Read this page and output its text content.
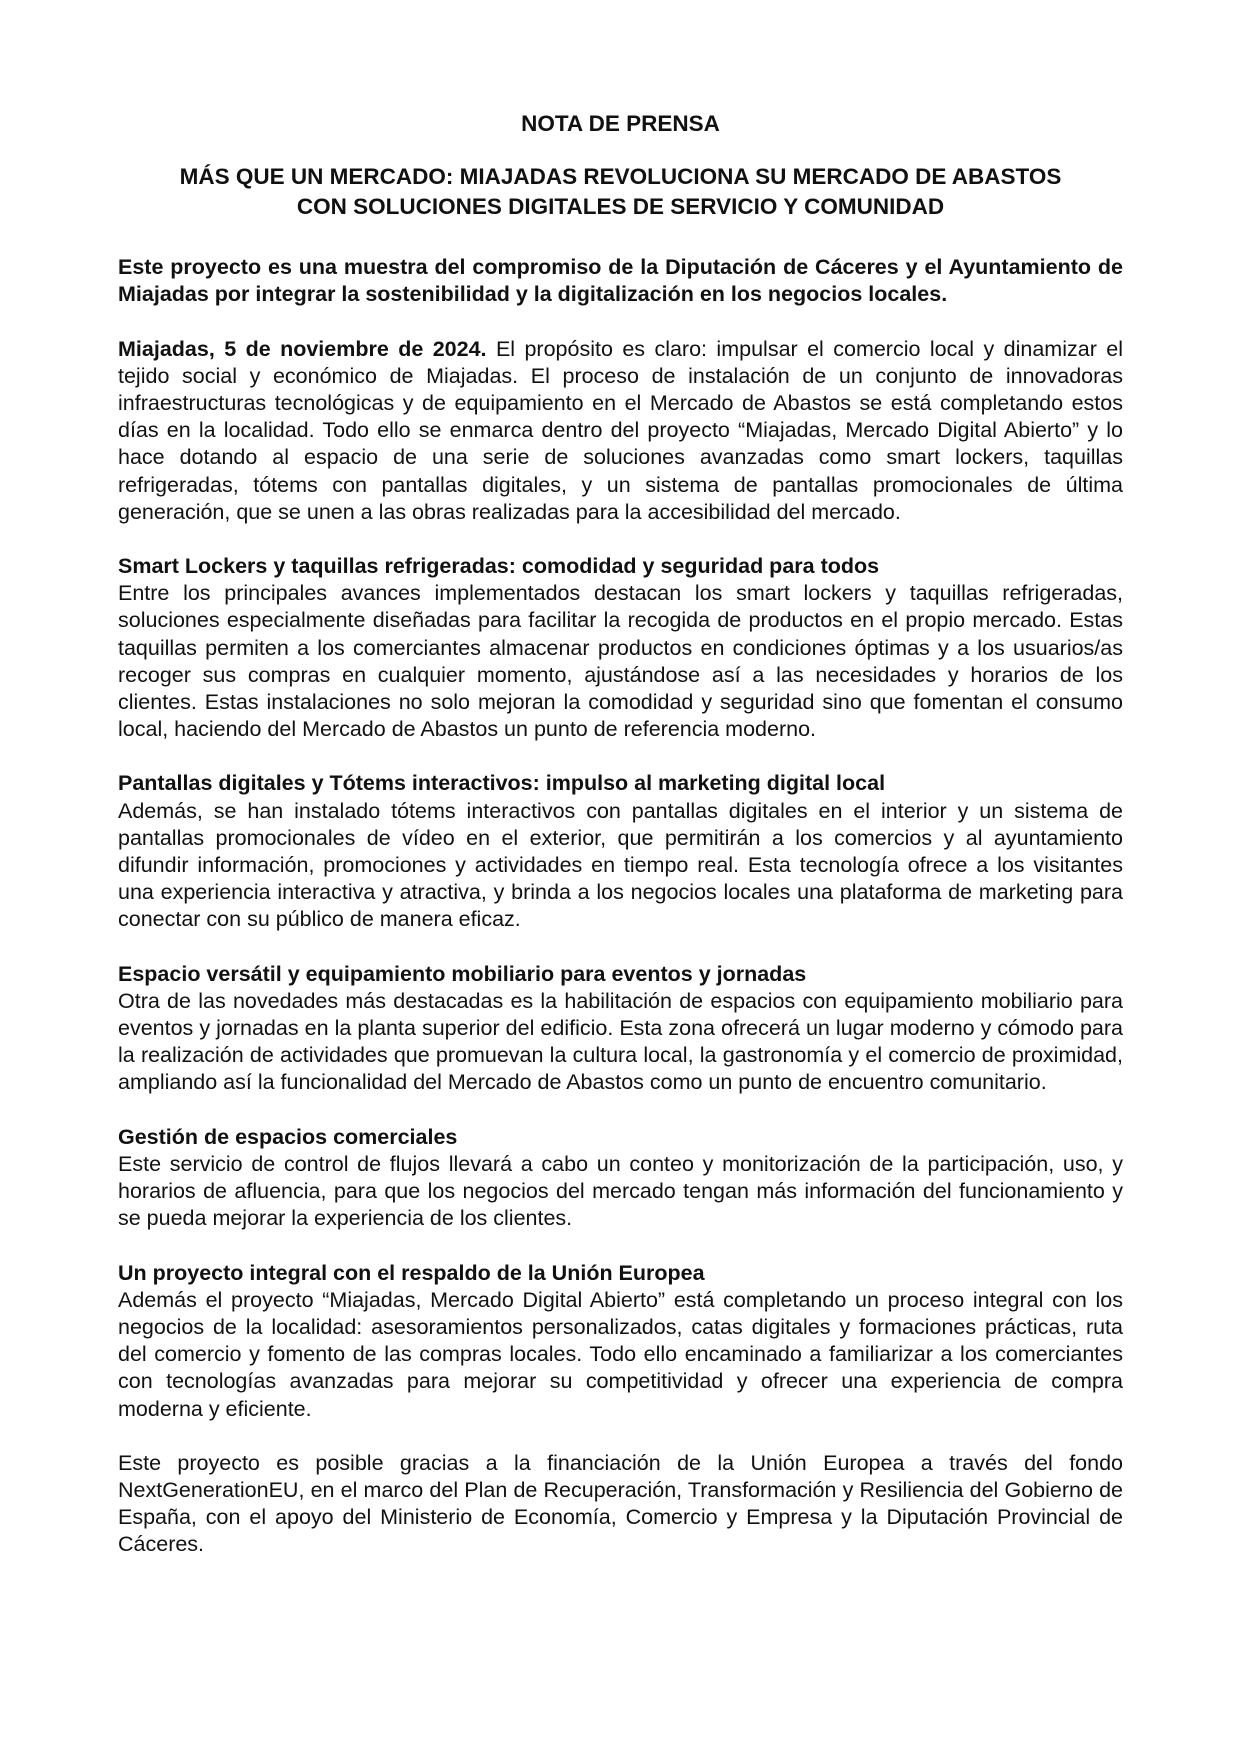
NOTA DE PRENSA
MÁS QUE UN MERCADO: MIAJADAS REVOLUCIONA SU MERCADO DE ABASTOS
CON SOLUCIONES DIGITALES DE SERVICIO Y COMUNIDAD

Este proyecto es una muestra del compromiso de la Diputación de Cáceres y el Ayuntamiento de Miajadas por integrar la sostenibilidad y la digitalización en los negocios locales.

Miajadas, 5 de noviembre de 2024. El propósito es claro: impulsar el comercio local y dinamizar el tejido social y económico de Miajadas. El proceso de instalación de un conjunto de innovadoras infraestructuras tecnológicas y de equipamiento en el Mercado de Abastos se está completando estos días en la localidad. Todo ello se enmarca dentro del proyecto “Miajadas, Mercado Digital Abierto” y lo hace dotando al espacio de una serie de soluciones avanzadas como smart lockers, taquillas refrigeradas, tótems con pantallas digitales, y un sistema de pantallas promocionales de última generación, que se unen a las obras realizadas para la accesibilidad del mercado.

Smart Lockers y taquillas refrigeradas: comodidad y seguridad para todos

Entre los principales avances implementados destacan los smart lockers y taquillas refrigeradas, soluciones especialmente diseñadas para facilitar la recogida de productos en el propio mercado. Estas taquillas permiten a los comerciantes almacenar productos en condiciones óptimas y a los usuarios/as recoger sus compras en cualquier momento, ajustándose así a las necesidades y horarios de los clientes. Estas instalaciones no solo mejoran la comodidad y seguridad sino que fomentan el consumo local, haciendo del Mercado de Abastos un punto de referencia moderno.

Pantallas digitales y Tótems interactivos: impulso al marketing digital local

Además, se han instalado tótems interactivos con pantallas digitales en el interior y un sistema de pantallas promocionales de vídeo en el exterior, que permitirán a los comercios y al ayuntamiento difundir información, promociones y actividades en tiempo real. Esta tecnología ofrece a los visitantes una experiencia interactiva y atractiva, y brinda a los negocios locales una plataforma de marketing para conectar con su público de manera eficaz.

Espacio versátil y equipamiento mobiliario para eventos y jornadas

Otra de las novedades más destacadas es la habilitación de espacios con equipamiento mobiliario para eventos y jornadas en la planta superior del edificio. Esta zona ofrecerá un lugar moderno y cómodo para la realización de actividades que promuevan la cultura local, la gastronomía y el comercio de proximidad, ampliando así la funcionalidad del Mercado de Abastos como un punto de encuentro comunitario.

Gestión de espacios comerciales

Este servicio de control de flujos llevará a cabo un conteo y monitorización de la participación, uso, y horarios de afluencia, para que los negocios del mercado tengan más información del funcionamiento y se pueda mejorar la experiencia de los clientes.

Un proyecto integral con el respaldo de la Unión Europea

Además el proyecto “Miajadas, Mercado Digital Abierto” está completando un proceso integral con los negocios de la localidad: asesoramientos personalizados, catas digitales y formaciones prácticas, ruta del comercio y fomento de las compras locales. Todo ello encaminado a familiarizar a los comerciantes con tecnologías avanzadas para mejorar su competitividad y ofrecer una experiencia de compra moderna y eficiente.

Este proyecto es posible gracias a la financiación de la Unión Europea a través del fondo NextGenerationEU, en el marco del Plan de Recuperación, Transformación y Resiliencia del Gobierno de España, con el apoyo del Ministerio de Economía, Comercio y Empresa y la Diputación Provincial de Cáceres.
